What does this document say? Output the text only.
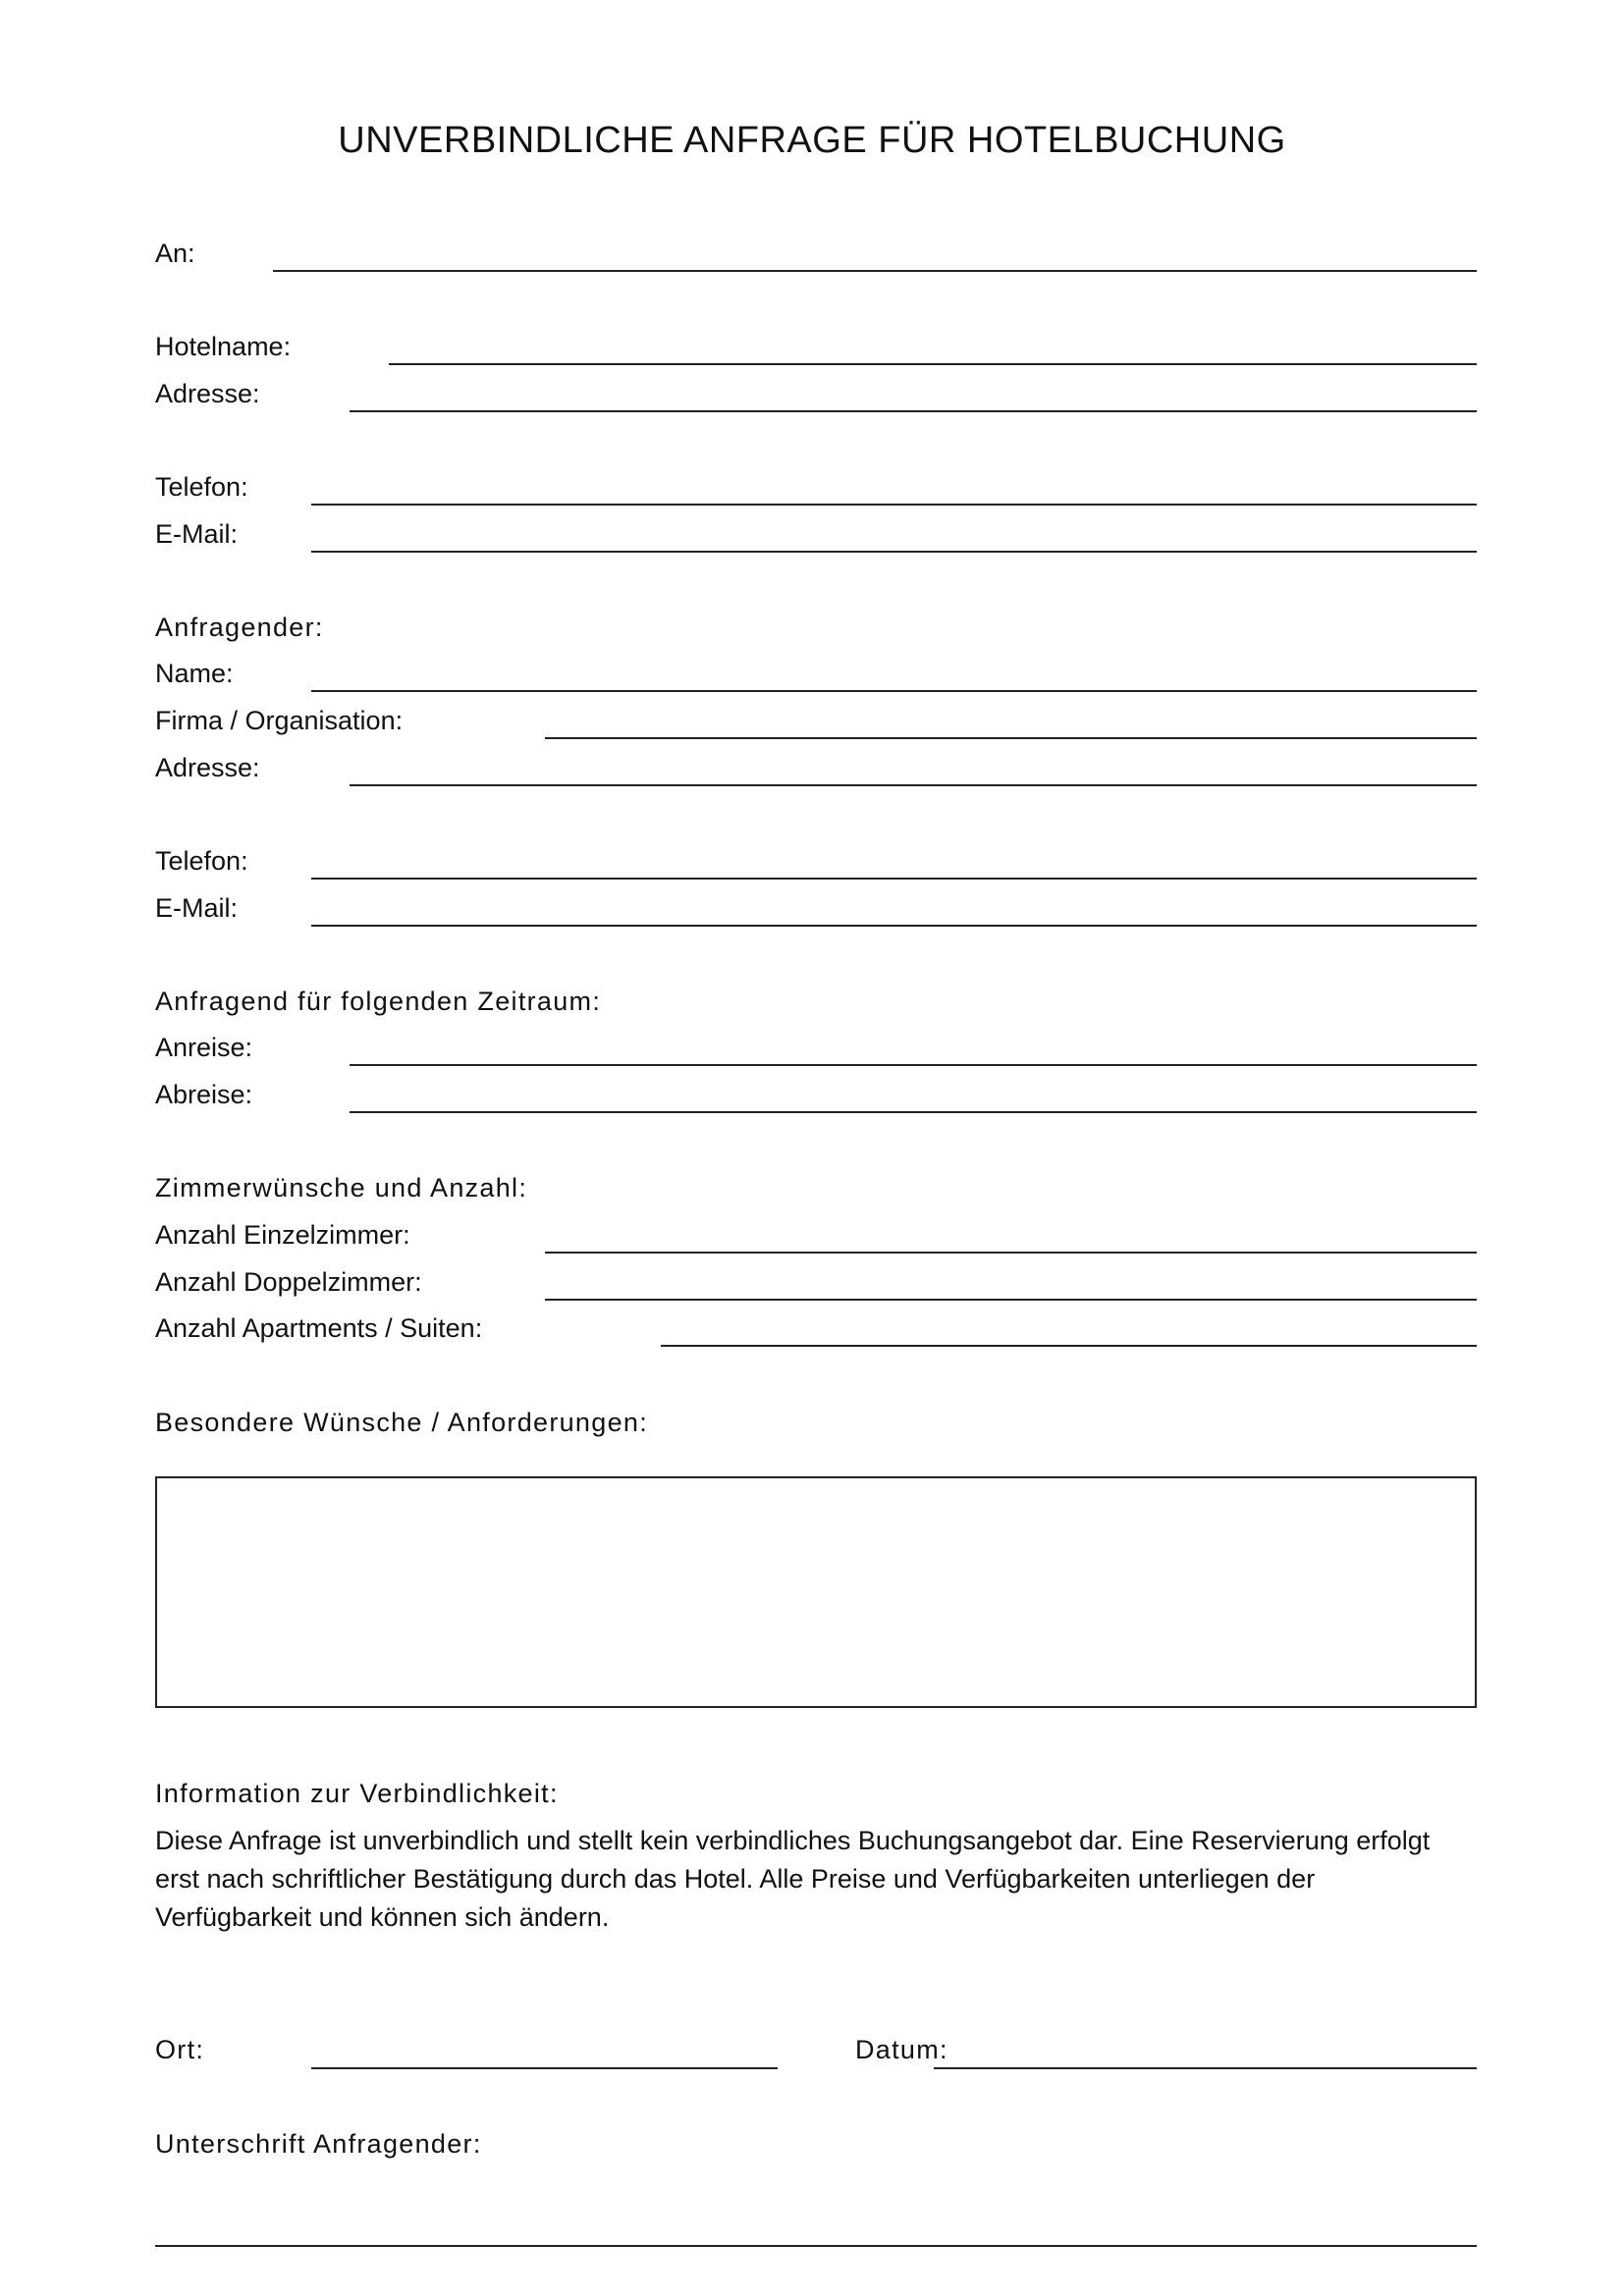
UNVERBINDLICHE ANFRAGE FÜR HOTELBUCHUNG
An:
Hotelname:
Adresse:
Telefon:
E-Mail:
Anfragender:
Name:
Firma / Organisation:
Adresse:
Telefon:
E-Mail:
Anfragend für folgenden Zeitraum:
Anreise:
Abreise:
Zimmerwünsche und Anzahl:
Anzahl Einzelzimmer:
Anzahl Doppelzimmer:
Anzahl Apartments / Suiten:
Besondere Wünsche / Anforderungen:
Information zur Verbindlichkeit:
Diese Anfrage ist unverbindlich und stellt kein verbindliches Buchungsangebot dar. Eine Reservierung erfolgt
erst nach schriftlicher Bestätigung durch das Hotel. Alle Preise und Verfügbarkeiten unterliegen der
Verfügbarkeit und können sich ändern.
Ort:	Datum:
Unterschrift Anfragender:
